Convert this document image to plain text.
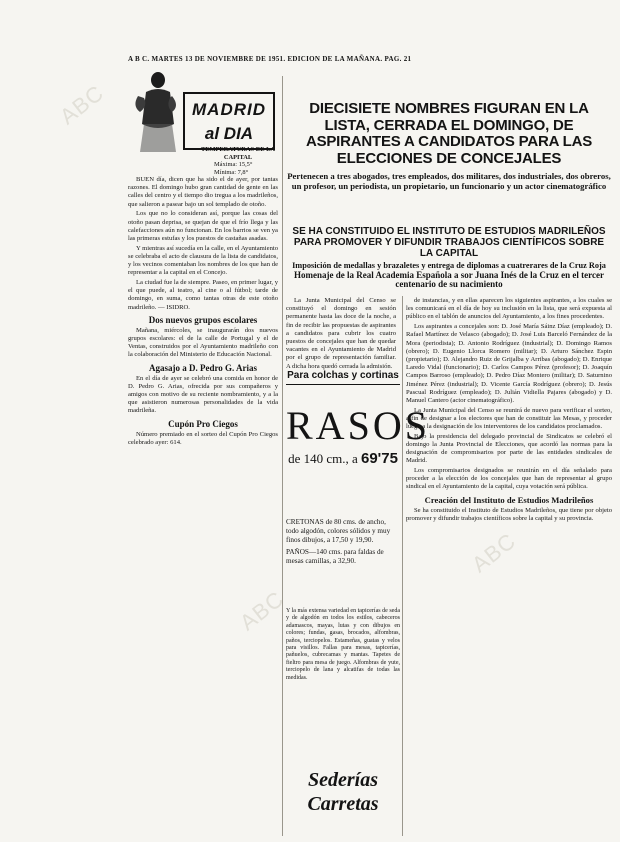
ABC
ABC
ABC
A B C. MARTES 13 DE NOVIEMBRE DE 1951. EDICION DE LA MAÑANA. PAG. 21
MADRID
al DIA
TEMPERATURAS DE LA CAPITAL
Máxima: 15,5°
Mínima: 7,8°

BUEN día, dicen que ha sido el de ayer, por tantas razones. El domingo hubo gran cantidad de gente en las calles del centro y el tiempo dio tregua a los madrileños, que salieron a pasear bajo un sol templado de otoño.

Los que no lo consideran así, porque las cosas del otoño pasan deprisa, se quejan de que el frío llega y las calefacciones aún no funcionan. En los barrios se ven ya las primeras estufas y los puestos de castañas asadas.

Y mientras así sucedía en la calle, en el Ayuntamiento se celebraba el acto de clausura de la lista de candidatos, y los vecinos comentaban los nombres de los que han de representar a la capital en el Concejo.

La ciudad fue la de siempre. Paseo, en primer lugar, y el que puede, al teatro, al cine o al fútbol; tarde de domingo, en suma, como tantas otras de este otoño madrileño. — ISIDRO.

Dos nuevos grupos escolares

Mañana, miércoles, se inaugurarán dos nuevos grupos escolares: el de la calle de Portugal y el de Ventas, construidos por el Ayuntamiento madrileño con la colaboración del Ministerio de Educación Nacional.

Agasajo a D. Pedro G. Arias

En el día de ayer se celebró una comida en honor de D. Pedro G. Arias, ofrecida por sus compañeros y amigos con motivo de su reciente nombramiento, y a la que asistieron numerosas personalidades de la vida madrileña.

Cupón Pro Ciegos

Número premiado en el sorteo del Cupón Pro Ciegos celebrado ayer: 614.

DIECISIETE NOMBRES FIGURAN EN LA LISTA, CERRADA EL DOMINGO, DE ASPIRANTES A CANDIDATOS PARA LAS ELECCIONES DE CONCEJALES
Pertenecen a tres abogados, tres empleados, dos militares, dos industriales, dos obreros, un profesor, un periodista, un propietario, un funcionario y un actor cinematográfico
SE HA CONSTITUIDO EL INSTITUTO DE ESTUDIOS MADRILEÑOS PARA PROMOVER Y DIFUNDIR TRABAJOS CIENTÍFICOS SOBRE LA CAPITAL
Imposición de medallas y brazaletes y entrega de diplomas a cuatrerares de la Cruz Roja
Homenaje de la Real Academia Española a sor Juana Inés de la Cruz en el tercer centenario de su nacimiento

La Junta Municipal del Censo se constituyó el domingo en sesión permanente hasta las doce de la noche, a fin de recibir las propuestas de aspirantes a candidatos para cubrir los cuatro puestos de concejales que han de quedar vacantes en el Ayuntamiento de Madrid por el grupo de representación familiar. A dicha hora quedó cerrada la admisión.

Para colchas y cortinas
RASOS
de 140 cm., a 69'75

CRETONAS de 80 cms. de ancho, todo algodón, colores sólidos y muy finos dibujos, a 17,50 y 19,90.

PAÑOS—140 cms. para faldas de mesas camillas, a 32,90.

Y la más extensa variedad en tapicerías de seda y de algodón en todos los estilos, cabeceros adamascos, mayas, lutas y con dibujos en colores; fundas, gasas, brocados, alfombras, paños, terciopelos. Estameñas, guatas y velos para visillos. Fallas para mesas, tapicerías, pañuelos, cubrecamas y mantas. Tapetes de fieltro para mesa de juego. Alfombras de yute, terciopelo de lana y alcatifas de todas las medidas.
Sederías
Carretas

de instancias, y en ellas aparecen los siguientes aspirantes, a los cuales se les comunicará en el día de hoy su inclusión en la lista, que será expuesta al público en el tablón de anuncios del Ayuntamiento, a los fines procedentes.

Los aspirantes a concejales son: D. José María Sáinz Díaz (empleado); D. Rafael Martínez de Velasco (abogado); D. José Luis Barceló Fernández de la Mora (periodista); D. Antonio Rodríguez (industrial); D. Domingo Ramos (obrero); D. Eugenio Llorca Romero (militar); D. Arturo Sánchez Espin (propietario); D. Alejandro Ruiz de Grijalba y Arribas (abogado); D. Enrique Laredo Vidal (funcionario); D. Carlos Campos Pérez (profesor); D. Joaquín Campos Barroso (empleado); D. Pedro Díaz Montero (militar); D. Saturnino Jiménez Pérez (industrial); D. Vicente García Rodríguez (obrero); D. Jesús Pascual Rodríguez (empleado); D. Julián Vidiella Pajares (abogado) y D. Manuel Cantero (actor cinematográfico).

La Junta Municipal del Censo se reunirá de nuevo para verificar el sorteo, a fin de designar a los electores que han de constituir las Mesas, y proceder luego a la designación de los interventores de los candidatos proclamados.

Bajo la presidencia del delegado provincial de Sindicatos se celebró el domingo la Junta Provincial de Elecciones, que acordó las normas para la designación de compromisarios por parte de las entidades sindicales de Madrid.

Los compromisarios designados se reunirán en el día señalado para proceder a la elección de los concejales que han de representar al grupo sindical en el Ayuntamiento de la capital, cuya votación será pública.

Creación del Instituto de Estudios Madrileños

Se ha constituido el Instituto de Estudios Madrileños, que tiene por objeto promover y difundir trabajos científicos sobre la capital y su provincia.
